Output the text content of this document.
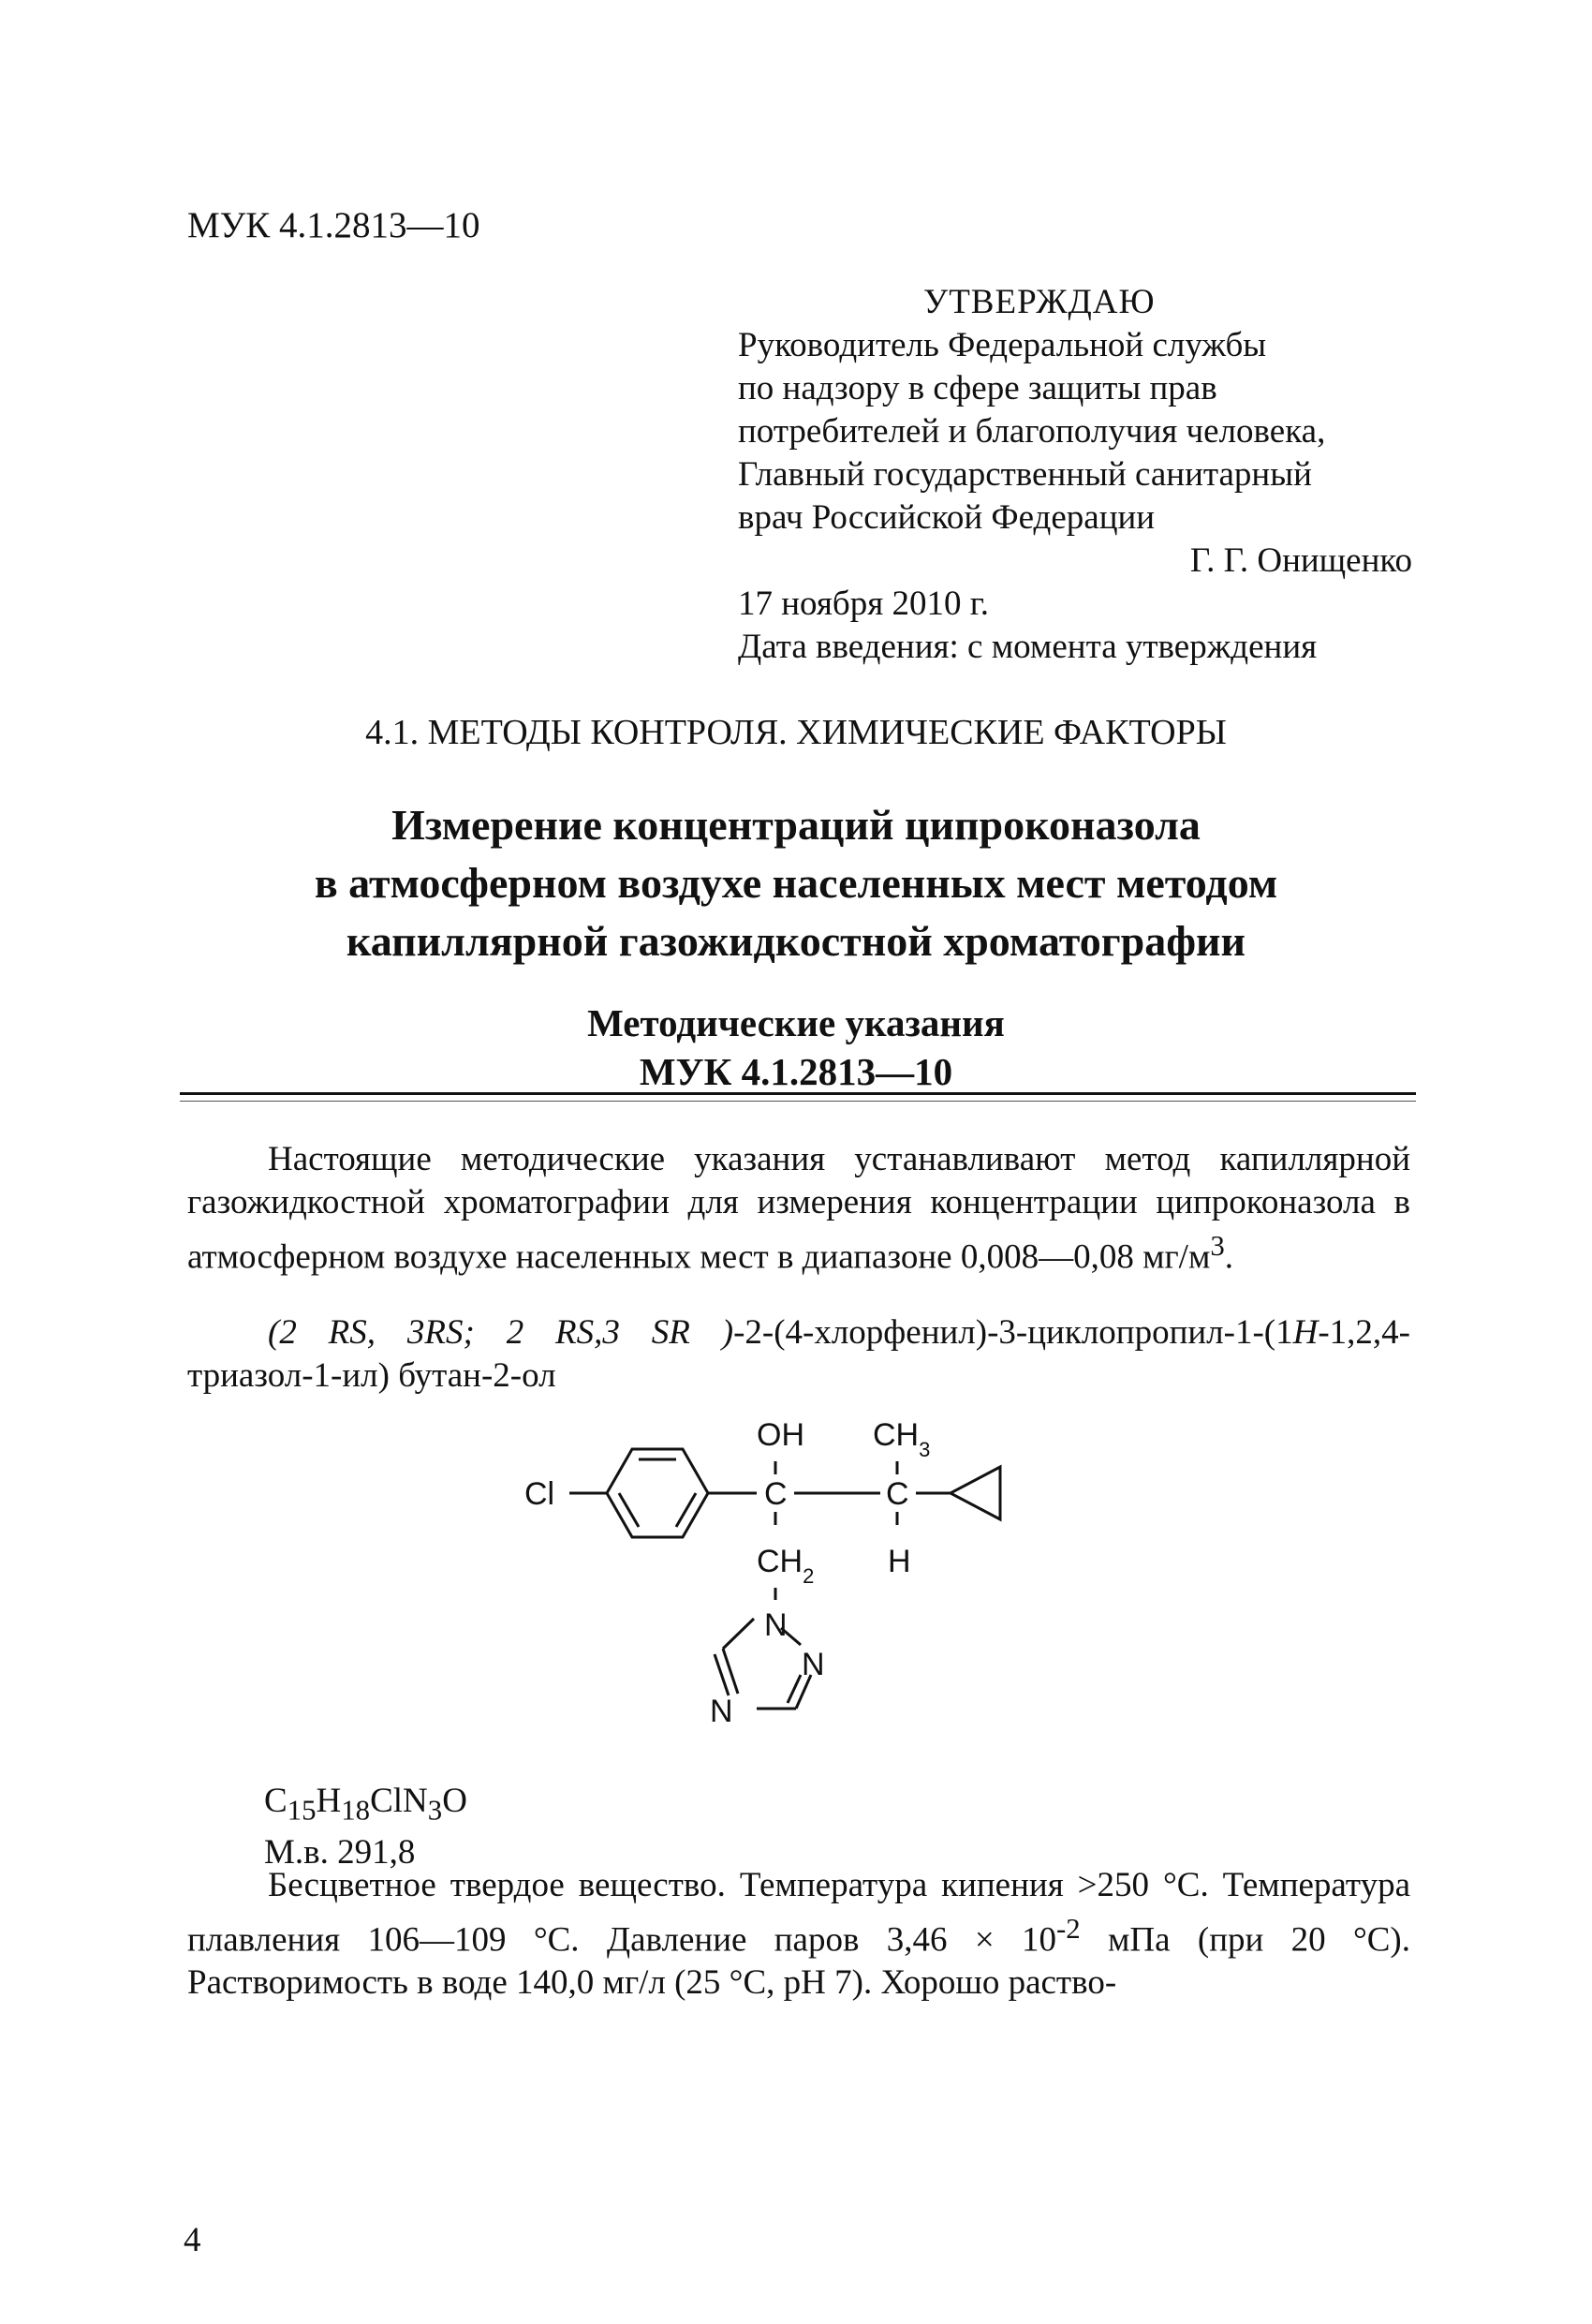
МУК 4.1.2813—10
УТВЕРЖДАЮ
Руководитель Федеральной службы
по надзору в сфере защиты прав
потребителей и благополучия человека,
Главный государственный санитарный
врач Российской Федерации
Г. Г. Онищенко
17 ноября 2010 г.
Дата введения: с момента утверждения
4.1. МЕТОДЫ КОНТРОЛЯ. ХИМИЧЕСКИЕ ФАКТОРЫ
Измерение концентраций ципроконазола
в атмосферном воздухе населенных мест методом
капиллярной газожидкостной хроматографии
Методические указания
МУК 4.1.2813—10
Настоящие методические указания устанавливают метод капиллярной газожидкостной хроматографии для измерения концентрации ципроконазола в атмосферном воздухе населенных мест в диапазоне 0,008—0,08 $мг/м^3$.
(2 RS, 3RS; 2 RS,3 SR )-2-(4-хлорфенил)-3-циклопропил-1-(1H-1,2,4-триазол-1-ил) бутан-2-ол
Cl
OH $CH_3$
C	C
$CH_2$ H
N
N
N
$C_{15}H_{18}ClN_3O$
М.в. 291,8
Бесцветное твердое вещество. Температура кипения >250 °С. Температура плавления 106—109 °С. Давление паров $3,46 \times 10^{-2}$ мПа (при 20 °С). Растворимость в воде 140,0 мг/л (25 °С, рН 7). Хорошо раство-
4
